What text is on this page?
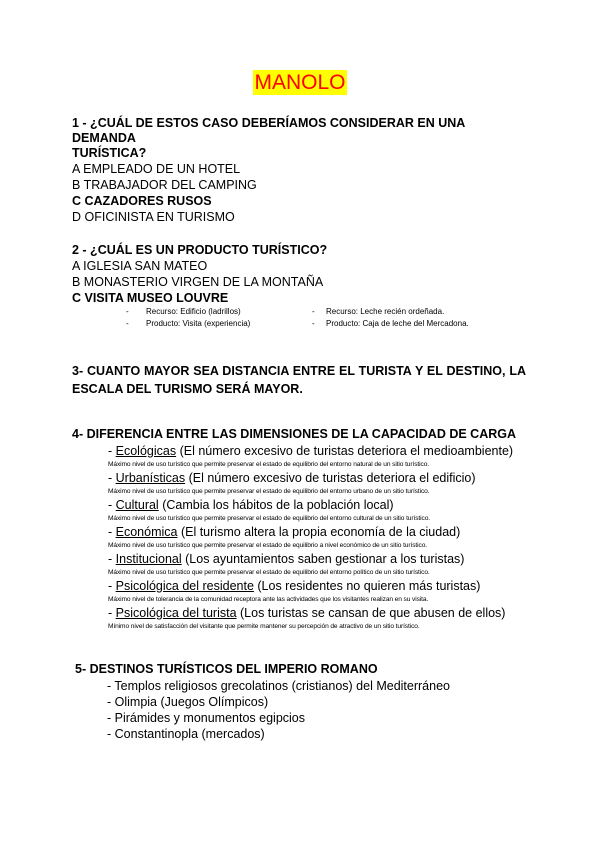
MANOLO

1 - ¿CUÁL DE ESTOS CASO DEBERÍAMOS CONSIDERAR EN UNA DEMANDA

TURÍSTICA?

A EMPLEADO DE UN HOTEL

B TRABAJADOR DEL CAMPING

C CAZADORES RUSOS

D OFICINISTA EN TURISMO

2 - ¿CUÁL ES UN PRODUCTO TURÍSTICO?

A IGLESIA SAN MATEO

B MONASTERIO VIRGEN DE LA MONTAÑA

C VISITA MUSEO LOUVRE

- Recurso: Edificio (ladrillos)	- Recurso: Leche recién ordeñada.
- Producto: Visita (experiencia)	- Producto: Caja de leche del Mercadona.

3- CUANTO MAYOR SEA DISTANCIA ENTRE EL TURISTA Y EL DESTINO, LA

ESCALA DEL TURISMO SERÁ MAYOR.

4- DIFERENCIA ENTRE LAS DIMENSIONES DE LA CAPACIDAD DE CARGA

- Ecológicas (El número excesivo de turistas deteriora el medioambiente)
Máximo nivel de uso turístico que permite preservar el estado de equilibrio del entorno natural de un sitio turístico.
- Urbanísticas (El número excesivo de turistas deteriora el edificio)
Máximo nivel de uso turístico que permite preservar el estado de equilibrio del entorno urbano de un sitio turístico.
- Cultural (Cambia los hábitos de la población local)
Máximo nivel de uso turístico que permite preservar el estado de equilibrio del entorno cultural de un sitio turístico.
- Económica (El turismo altera la propia economía de la ciudad)
Máximo nivel de uso turístico que permite preservar el estado de equilibrio a nivel económico de un sitio turístico.
- Institucional (Los ayuntamientos saben gestionar a los turistas)
Máximo nivel de uso turístico que permite preservar el estado de equilibrio del entorno político de un sitio turístico.
- Psicológica del residente (Los residentes no quieren más turistas)
Máximo nivel de tolerancia de la comunidad receptora ante las actividades que los visitantes realizan en su visita.
- Psicológica del turista (Los turistas se cansan de que abusen de ellos)
Mínimo nivel de satisfacción del visitante que permite mantener su percepción de atractivo de un sitio turístico.

5- DESTINOS TURÍSTICOS DEL IMPERIO ROMANO

- Templos religiosos grecolatinos (cristianos) del Mediterráneo
- Olimpia (Juegos Olímpicos)
- Pirámides y monumentos egipcios
- Constantinopla (mercados)
